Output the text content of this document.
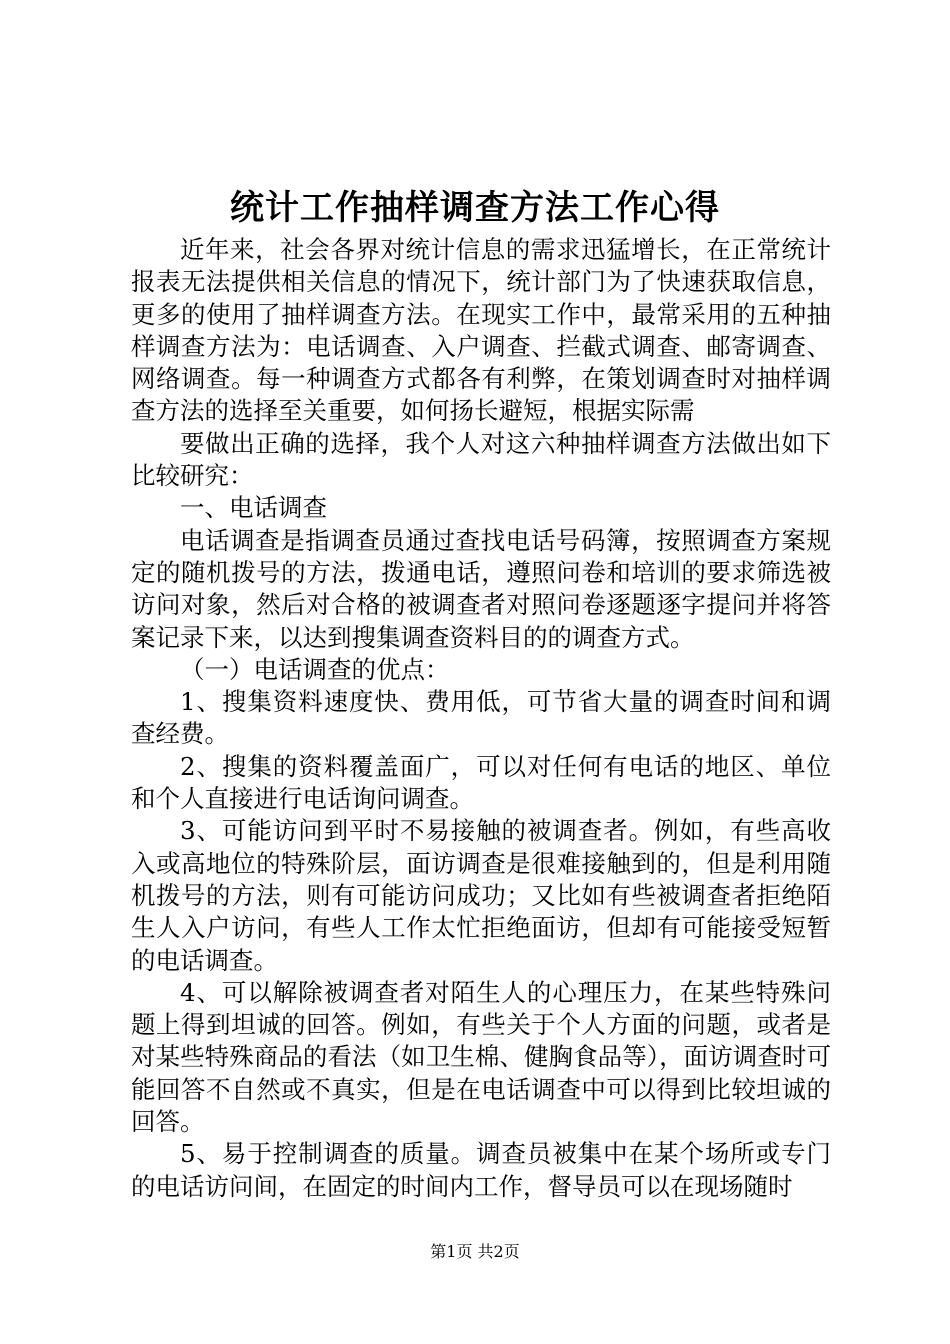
统计工作抽样调查方法工作心得

近年来，社会各界对统计信息的需求迅猛增长，在正常统计报表无法提供相关信息的情况下，统计部门为了快速获取信息，更多的使用了抽样调查方法。在现实工作中，最常采用的五种抽样调查方法为：电话调查、入户调查、拦截式调查、邮寄调查、网络调查。每一种调查方式都各有利弊，在策划调查时对抽样调查方法的选择至关重要，如何扬长避短，根据实际需

要做出正确的选择，我个人对这六种抽样调查方法做出如下比较研究：

一、电话调查

电话调查是指调查员通过查找电话号码簿，按照调查方案规定的随机拨号的方法，拨通电话，遵照问卷和培训的要求筛选被访问对象，然后对合格的被调查者对照问卷逐题逐字提问并将答案记录下来，以达到搜集调查资料目的的调查方式。

（一）电话调查的优点：

1、搜集资料速度快、费用低，可节省大量的调查时间和调查经费。

2、搜集的资料覆盖面广，可以对任何有电话的地区、单位和个人直接进行电话询问调查。

3、可能访问到平时不易接触的被调查者。例如，有些高收入或高地位的特殊阶层，面访调查是很难接触到的，但是利用随机拨号的方法，则有可能访问成功；又比如有些被调查者拒绝陌生人入户访问，有些人工作太忙拒绝面访，但却有可能接受短暂的电话调查。

4、可以解除被调查者对陌生人的心理压力，在某些特殊问题上得到坦诚的回答。例如，有些关于个人方面的问题，或者是对某些特殊商品的看法（如卫生棉、健胸食品等），面访调查时可能回答不自然或不真实，但是在电话调查中可以得到比较坦诚的回答。

5、易于控制调查的质量。调查员被集中在某个场所或专门的电话访问间，在固定的时间内工作，督导员可以在现场随时

第1页 共2页
